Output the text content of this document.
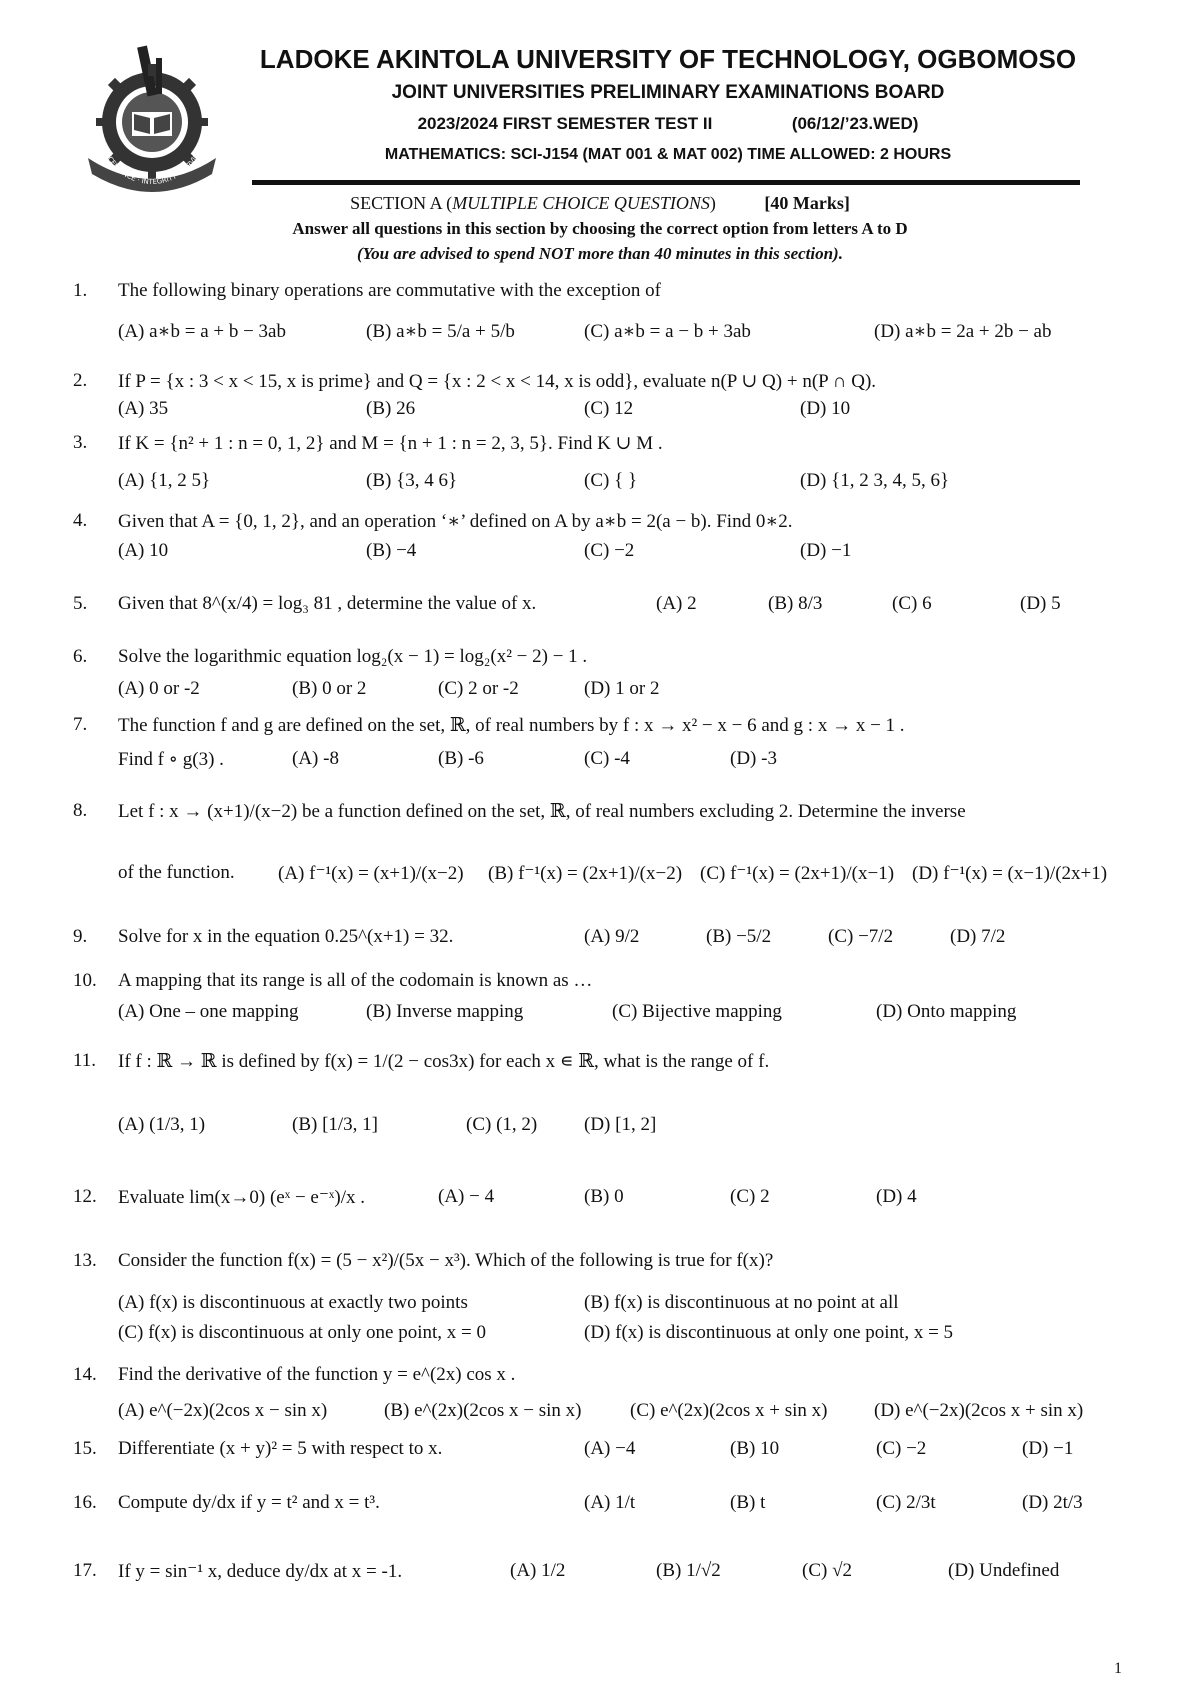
EXCELLENCE · INTEGRITY · SERVICE
LADOKE AKINTOLA UNIVERSITY OF TECHNOLOGY, OGBOMOSO
JOINT UNIVERSITIES PRELIMINARY EXAMINATIONS BOARD
2023/2024 FIRST SEMESTER TEST II	(06/12/’23.WED)
MATHEMATICS: SCI-J154 (MAT 001 & MAT 002) TIME ALLOWED: 2 HOURS
SECTION A (MULTIPLE CHOICE QUESTIONS)	[40 Marks]
Answer all questions in this section by choosing the correct option from letters A to D
(You are advised to spend NOT more than 40 minutes in this section).
1. The following binary operations are commutative with the exception of
(A) a∗b = a + b − 3ab	(B) a∗b = 5/a + 5/b	(C) a∗b = a − b + 3ab	(D) a∗b = 2a + 2b − ab
2. If P = {x : 3 < x < 15, x is prime} and Q = {x : 2 < x < 14, x is odd}, evaluate n(P ∪ Q) + n(P ∩ Q).
(A) 35	(B) 26	(C) 12	(D) 10
3. If K = {n² + 1 : n = 0, 1, 2} and M = {n + 1 : n = 2, 3, 5}. Find K ∪ M .
(A) {1, 2 5}	(B) {3, 4 6}	(C) { }	(D) {1, 2 3, 4, 5, 6}
4. Given that A = {0, 1, 2}, and an operation ‘∗’ defined on A by a∗b = 2(a − b). Find 0∗2.
(A) 10	(B) −4	(C) −2	(D) −1
5. Given that 8^(x/4) = log₃ 81 , determine the value of x.	(A) 2	(B) 8/3	(C) 6	(D) 5
6. Solve the logarithmic equation log₂(x − 1) = log₂(x² − 2) − 1 .
(A) 0 or -2	(B) 0 or 2	(C) 2 or -2	(D) 1 or 2
7. The function f and g are defined on the set, ℝ, of real numbers by f : x → x² − x − 6 and g : x → x − 1 .
Find f ∘ g(3) .	(A) -8	(B) -6	(C) -4	(D) -3
8. Let f : x → (x+1)/(x−2) be a function defined on the set, ℝ, of real numbers excluding 2. Determine the inverse
of the function. (A) f⁻¹(x) = (x+1)/(x−2) (B) f⁻¹(x) = (2x+1)/(x−2) (C) f⁻¹(x) = (2x+1)/(x−1) (D) f⁻¹(x) = (x−1)/(2x+1)
9. Solve for x in the equation 0.25^(x+1) = 32.	(A) 9/2	(B) −5/2	(C) −7/2	(D) 7/2
10. A mapping that its range is all of the codomain is known as …
(A) One – one mapping	(B) Inverse mapping	(C) Bijective mapping	(D) Onto mapping
11. If f : ℝ → ℝ is defined by f(x) = 1/(2 − cos3x) for each x ∊ ℝ, what is the range of f.
(A) (1/3, 1)	(B) [1/3, 1]	(C) (1, 2) (D) [1, 2]
12. Evaluate lim(x→0) (eˣ − e⁻ˣ)/x .	(A) − 4	(B) 0	(C) 2	(D) 4
13. Consider the function f(x) = (5 − x²)/(5x − x³). Which of the following is true for f(x)?
(A) f(x) is discontinuous at exactly two points	(B) f(x) is discontinuous at no point at all
(C) f(x) is discontinuous at only one point, x = 0	(D) f(x) is discontinuous at only one point, x = 5
14. Find the derivative of the function y = e^(2x) cos x .
(A) e^(−2x)(2cos x − sin x)	(B) e^(2x)(2cos x − sin x)	(C) e^(2x)(2cos x + sin x) (D) e^(−2x)(2cos x + sin x)
15. Differentiate (x + y)² = 5 with respect to x.	(A) −4	(B) 10	(C) −2	(D) −1
16. Compute dy/dx if y = t² and x = t³.	(A) 1/t	(B) t	(C) 2/3t	(D) 2t/3
17. If y = sin⁻¹ x, deduce dy/dx at x = -1.	(A) 1/2	(B) 1/√2	(C) √2	(D) Undefined
1
